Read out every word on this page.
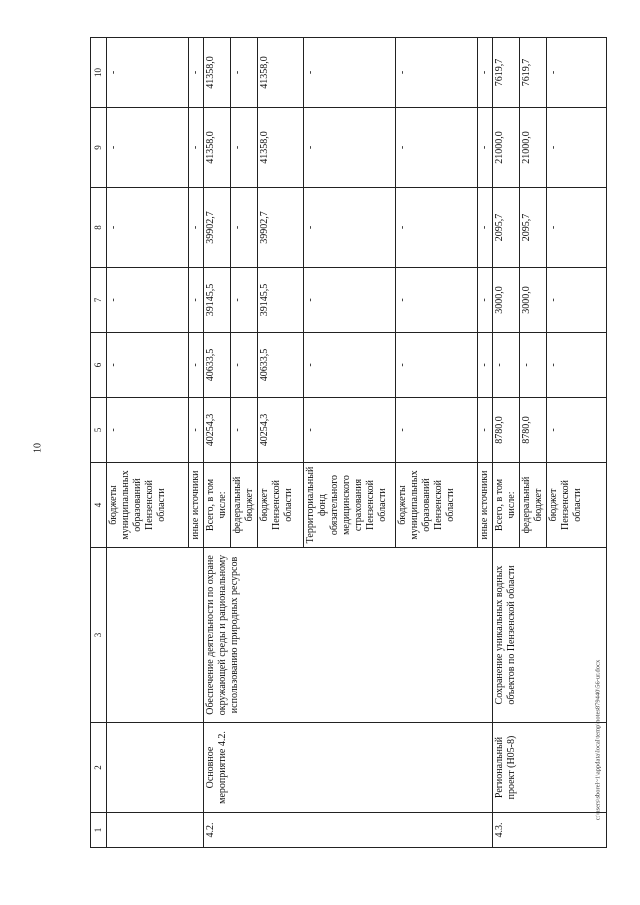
10
c:\users\sborel~1\appdata\local\temp\notes879440\56-ur.docx
1	2	3	4	5	6	7	8	9	10
			бюджеты муниципальных образований Пензенской области	-	-	-	-	-	-
			иные источники	-	-	-	-	-	-
4.2.	Основное мероприятие 4.2.	Обеспечение деятельности по охране окружающей среды и рациональному использованию природных ресурсов	Всего, в том числе:	40254,3	40633,5	39145,5	39902,7	41358,0	41358,0
			федеральный бюджет	-	-	-	-	-	-
			бюджет Пензенской области	40254,3	40633,5	39145,5	39902,7	41358,0	41358,0
			Территориальный фонд обязательного медицинского страхования Пензенской области	-	-	-	-	-	-
			бюджеты муниципальных образований Пензенской области	-	-	-	-	-	-
			иные источники	-	-	-	-	-	-
4.3.	Региональный проект (Н05-8)	Сохранение уникальных водных объектов по Пензенской области	Всего, в том числе:	8780,0	-	3000,0	2095,7	21000,0	7619,7
			федеральный бюджет	8780,0	-	3000,0	2095,7	21000,0	7619,7
			бюджет Пензенской области	-	-	-	-	-	-
